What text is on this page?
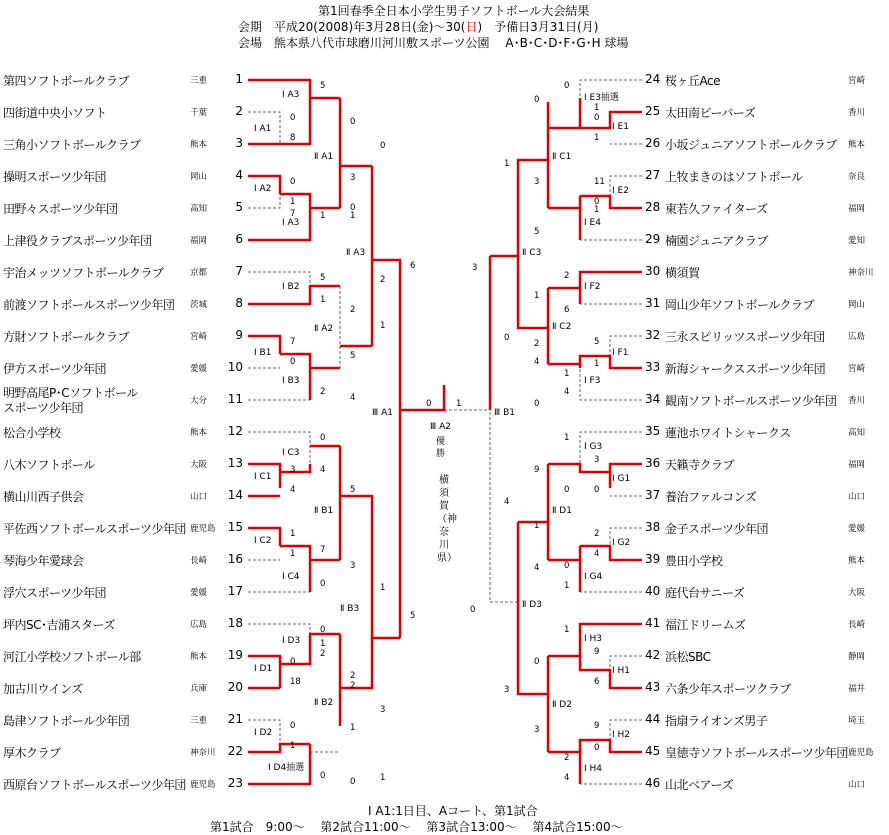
第1回春季全日本小学生男子ソフトボール大会結果
会期　 平成20(2008)年3月28日(金)～30(日)　予備日3月31日(月)
会場　 熊本県八代市球磨川河川敷スポーツ公園　 A･B･C･D･F･G･H 球場
第四ソフトボールクラブ	三重	1
四街道中央小ソフト	千葉	2
三角小ソフトボールクラブ	熊本	3
操明スポーツ少年団	岡山	4
田野々スポーツ少年団	高知	5
上津役クラブスポーツ少年団	福岡	6
宇治メッツソフトボールクラブ	京都	7
前渡ソフトボールスポーツ少年団 茨城	8
方財ソフトボールクラブ	宮崎	9
伊方スポーツ少年団	愛媛	10
明野高尾P･Cソフトボール
スポーツ少年団	大分	11
松合小学校	熊本	12
八木ソフトボール	大阪	13
横山川西子供会	山口	14
平佐西ソフトボールスポーツ少年団 鹿児島	15
琴海少年愛球会	長崎	16
浮穴スポーツ少年団	愛媛	17
坪内SC･吉浦スターズ	広島	18
河江小学校ソフトボール部	熊本	19
加古川ウインズ	兵庫	20
島津ソフトボール少年団	三重	21
厚木クラブ	神奈川	22
西原台ソフトボールスポーツ少年団 鹿児島	23
24 桜ヶ丘Ace	宮崎
25 太田南ビーバーズ	香川
26 小坂ジュニアソフトボールクラブ 熊本
27 上牧まきのはソフトボール	奈良
28 東若久ファイターズ	福岡
29 楠園ジュニアクラブ	愛知
30 横須賀	神奈川
31 岡山少年ソフトボールクラブ	岡山
32 三永スピリッツスポーツ少年団	広島
33 新海シャークススポーツ少年団	宮崎
34 観南ソフトボールスポーツ少年団 香川
35 蓮池ホワイトシャークス	高知
36 天籟寺クラブ	福岡
37 養治ファルコンズ	山口
38 金子スポーツ少年団	愛媛
39 豊田小学校	熊本
40 庭代台サニーズ	大阪
41 福江ドリームズ	長崎
42 浜松SBC	静岡
43 六条少年スポーツクラブ	福井
44 指扇ライオンズ男子	埼玉
45 皇徳寺ソフトボールスポーツ少年団 鹿児島
46 山北ベアーズ	山口
Ⅰ A3
Ⅰ A1
Ⅰ A2
Ⅰ A3
Ⅰ B2
Ⅰ B1
Ⅰ B3
Ⅰ C3
Ⅰ C1
Ⅰ C2
Ⅰ C4
Ⅰ D3
Ⅰ D1
Ⅰ D2
Ⅰ D4抽選
Ⅱ A1
Ⅱ A2
Ⅱ A3
Ⅱ B1
Ⅱ B2
Ⅱ B3
Ⅲ A1
Ⅰ E3抽選
Ⅰ E1
Ⅰ E2
Ⅰ E4
Ⅰ F2
Ⅰ F1
Ⅰ F3
Ⅰ G3
Ⅰ G1
Ⅰ G2
Ⅰ G4
Ⅰ H3
Ⅰ H1
Ⅰ H2
Ⅰ H4
Ⅱ C1
Ⅱ C2
Ⅱ C3
Ⅱ D1
Ⅱ D2
Ⅱ D3
Ⅲ B1
5
0
0
8
0
1
1
7
0
1
5
1
7
0
5
2
0
4
3
4
1
7
0
1
0
2
0
18
1
2
0
1
0
1
0
0
3
2
4
1
2
6
5
3
1
2
1
3
5
0	1
0
0
1
0
1
3	11
0
1
5
2
6
5
1
4
1
4
1
3
0
9
0
2
4
0
1
1
9
6
9
0
2
4
0
1
1
0
2
0
3
4
4
1
0
3
3
Ⅲ A2
優勝
横須賀（神奈川県）
Ⅰ A1:1日目、Aコート、第1試合
第1試合　9:00～　 第2試合11:00～　 第3試合13:00～　 第4試合15:00～
